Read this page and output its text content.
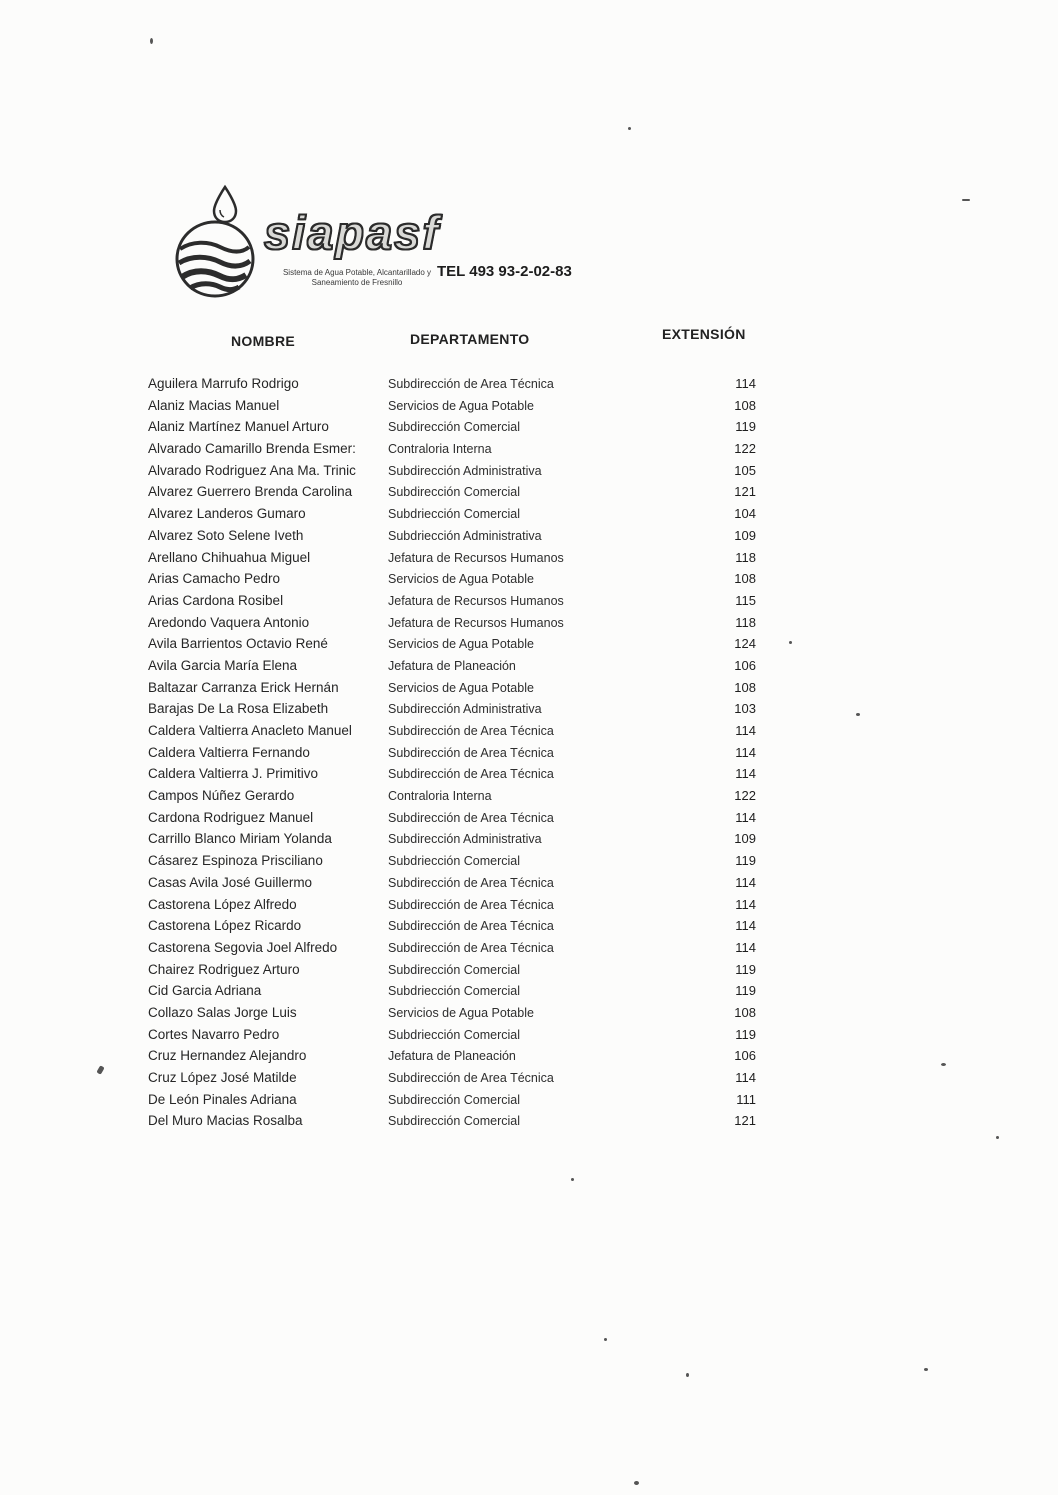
siapasf
Sistema de Agua Potable, Alcantarillado y Saneamiento de Fresnillo
TEL 493 93-2-02-83
NOMBRE	DEPARTAMENTO	EXTENSIÓN
Aguilera Marrufo Rodrigo	Subdirección de Area Técnica	114
Alaniz Macias Manuel	Servicios de Agua Potable	108
Alaniz Martínez Manuel Arturo	Subdirección Comercial	119
Alvarado Camarillo Brenda Esmer:	Contraloria Interna	122
Alvarado Rodriguez Ana Ma. Trinic	Subdirección Administrativa	105
Alvarez Guerrero Brenda Carolina	Subdirección Comercial	121
Alvarez Landeros Gumaro	Subdriección Comercial	104
Alvarez Soto Selene Iveth	Subdriección Administrativa	109
Arellano Chihuahua Miguel	Jefatura de Recursos Humanos	118
Arias Camacho Pedro	Servicios de Agua Potable	108
Arias Cardona Rosibel	Jefatura de Recursos Humanos	115
Aredondo Vaquera Antonio	Jefatura de Recursos Humanos	118
Avila Barrientos Octavio René	Servicios de Agua Potable	124
Avila Garcia María Elena	Jefatura de Planeación	106
Baltazar Carranza Erick Hernán	Servicios de Agua Potable	108
Barajas De La Rosa Elizabeth	Subdirección Administrativa	103
Caldera Valtierra Anacleto Manuel	Subdirección de Area Técnica	114
Caldera Valtierra Fernando	Subdirección de Area Técnica	114
Caldera Valtierra J. Primitivo	Subdirección de Area Técnica	114
Campos Núñez Gerardo	Contraloria Interna	122
Cardona Rodriguez Manuel	Subdirección de Area Técnica	114
Carrillo Blanco Miriam Yolanda	Subdirección Administrativa	109
Cásarez Espinoza Prisciliano	Subdriección Comercial	119
Casas Avila José Guillermo	Subdirección de Area Técnica	114
Castorena López Alfredo	Subdirección de Area Técnica	114
Castorena López Ricardo	Subdirección de Area Técnica	114
Castorena Segovia Joel Alfredo	Subdirección de Area Técnica	114
Chairez Rodriguez Arturo	Subdirección Comercial	119
Cid Garcia Adriana	Subdriección Comercial	119
Collazo Salas Jorge Luis	Servicios de Agua Potable	108
Cortes Navarro Pedro	Subdriección Comercial	119
Cruz Hernandez Alejandro	Jefatura de Planeación	106
Cruz López José Matilde	Subdirección de Area Técnica	114
De León Pinales Adriana	Subdirección Comercial	111
Del Muro Macias Rosalba	Subdirección Comercial	121
